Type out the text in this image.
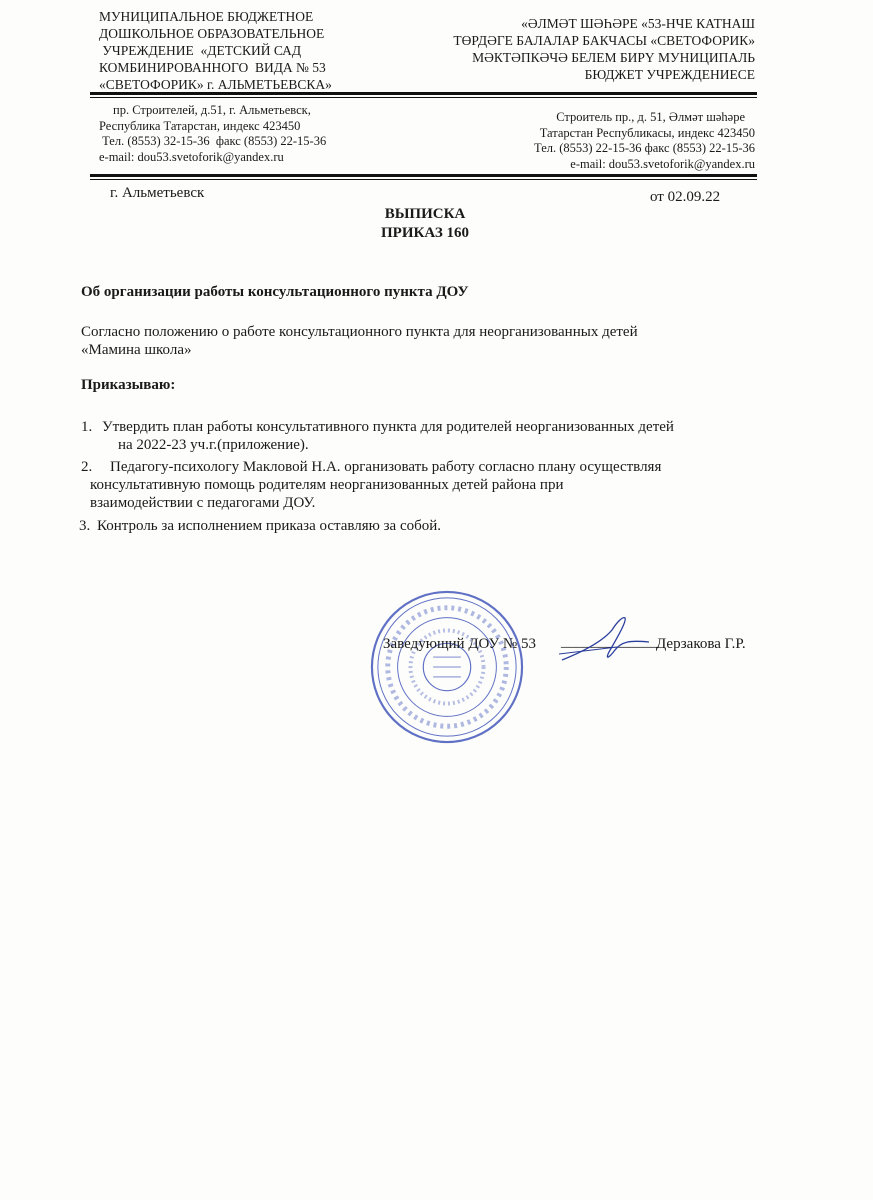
МУНИЦИПАЛЬНОЕ БЮДЖЕТНОЕ
ДОШКОЛЬНОЕ ОБРАЗОВАТЕЛЬНОЕ
УЧРЕЖДЕНИЕ  «ДЕТСКИЙ САД
КОМБИНИРОВАННОГО  ВИДА № 53
«СВЕТОФОРИК» г. АЛЬМЕТЬЕВСКА»
«ӘЛМӘТ ШӘҺӘРЕ «53-НЧЕ КАТНАШ
ТӨРДӘГЕ БАЛАЛАР БАКЧАСЫ «СВЕТОФОРИК»
МӘКТӘПКӘЧӘ БЕЛЕМ БИРҮ МУНИЦИПАЛЬ
БЮДЖЕТ УЧРЕЖДЕНИЕСЕ
пр. Строителей, д.51, г. Альметьевск,
Республика Татарстан, индекс 423450
Тел. (8553) 32-15-36  факс (8553) 22-15-36
e-mail: dou53.svetoforik@yandex.ru
Строитель пр., д. 51, Әлмәт шәһәре
Татарстан Республикасы, индекс 423450
Тел. (8553) 22-15-36 факс (8553) 22-15-36
e-mail: dou53.svetoforik@yandex.ru
г. Альметьевск	от 02.09.22
ВЫПИСКА
ПРИКАЗ 160
Об организации работы консультационного пункта ДОУ
Согласно положению о работе консультационного пункта для неорганизованных детей
«Мамина школа»
Приказываю:
1. Утвердить план работы консультативного пункта для родителей неорганизованных детей
на 2022-23 уч.г.(приложение).
2. Педагогу-психологу Макловой Н.А. организовать работу согласно плану осуществляя
консультативную помощь родителям неорганизованных детей района при
взаимодействии с педагогами ДОУ.
3. Контроль за исполнением приказа оставляю за собой.
Заведующий ДОУ № 53 _____________
Дерзакова Г.Р.
